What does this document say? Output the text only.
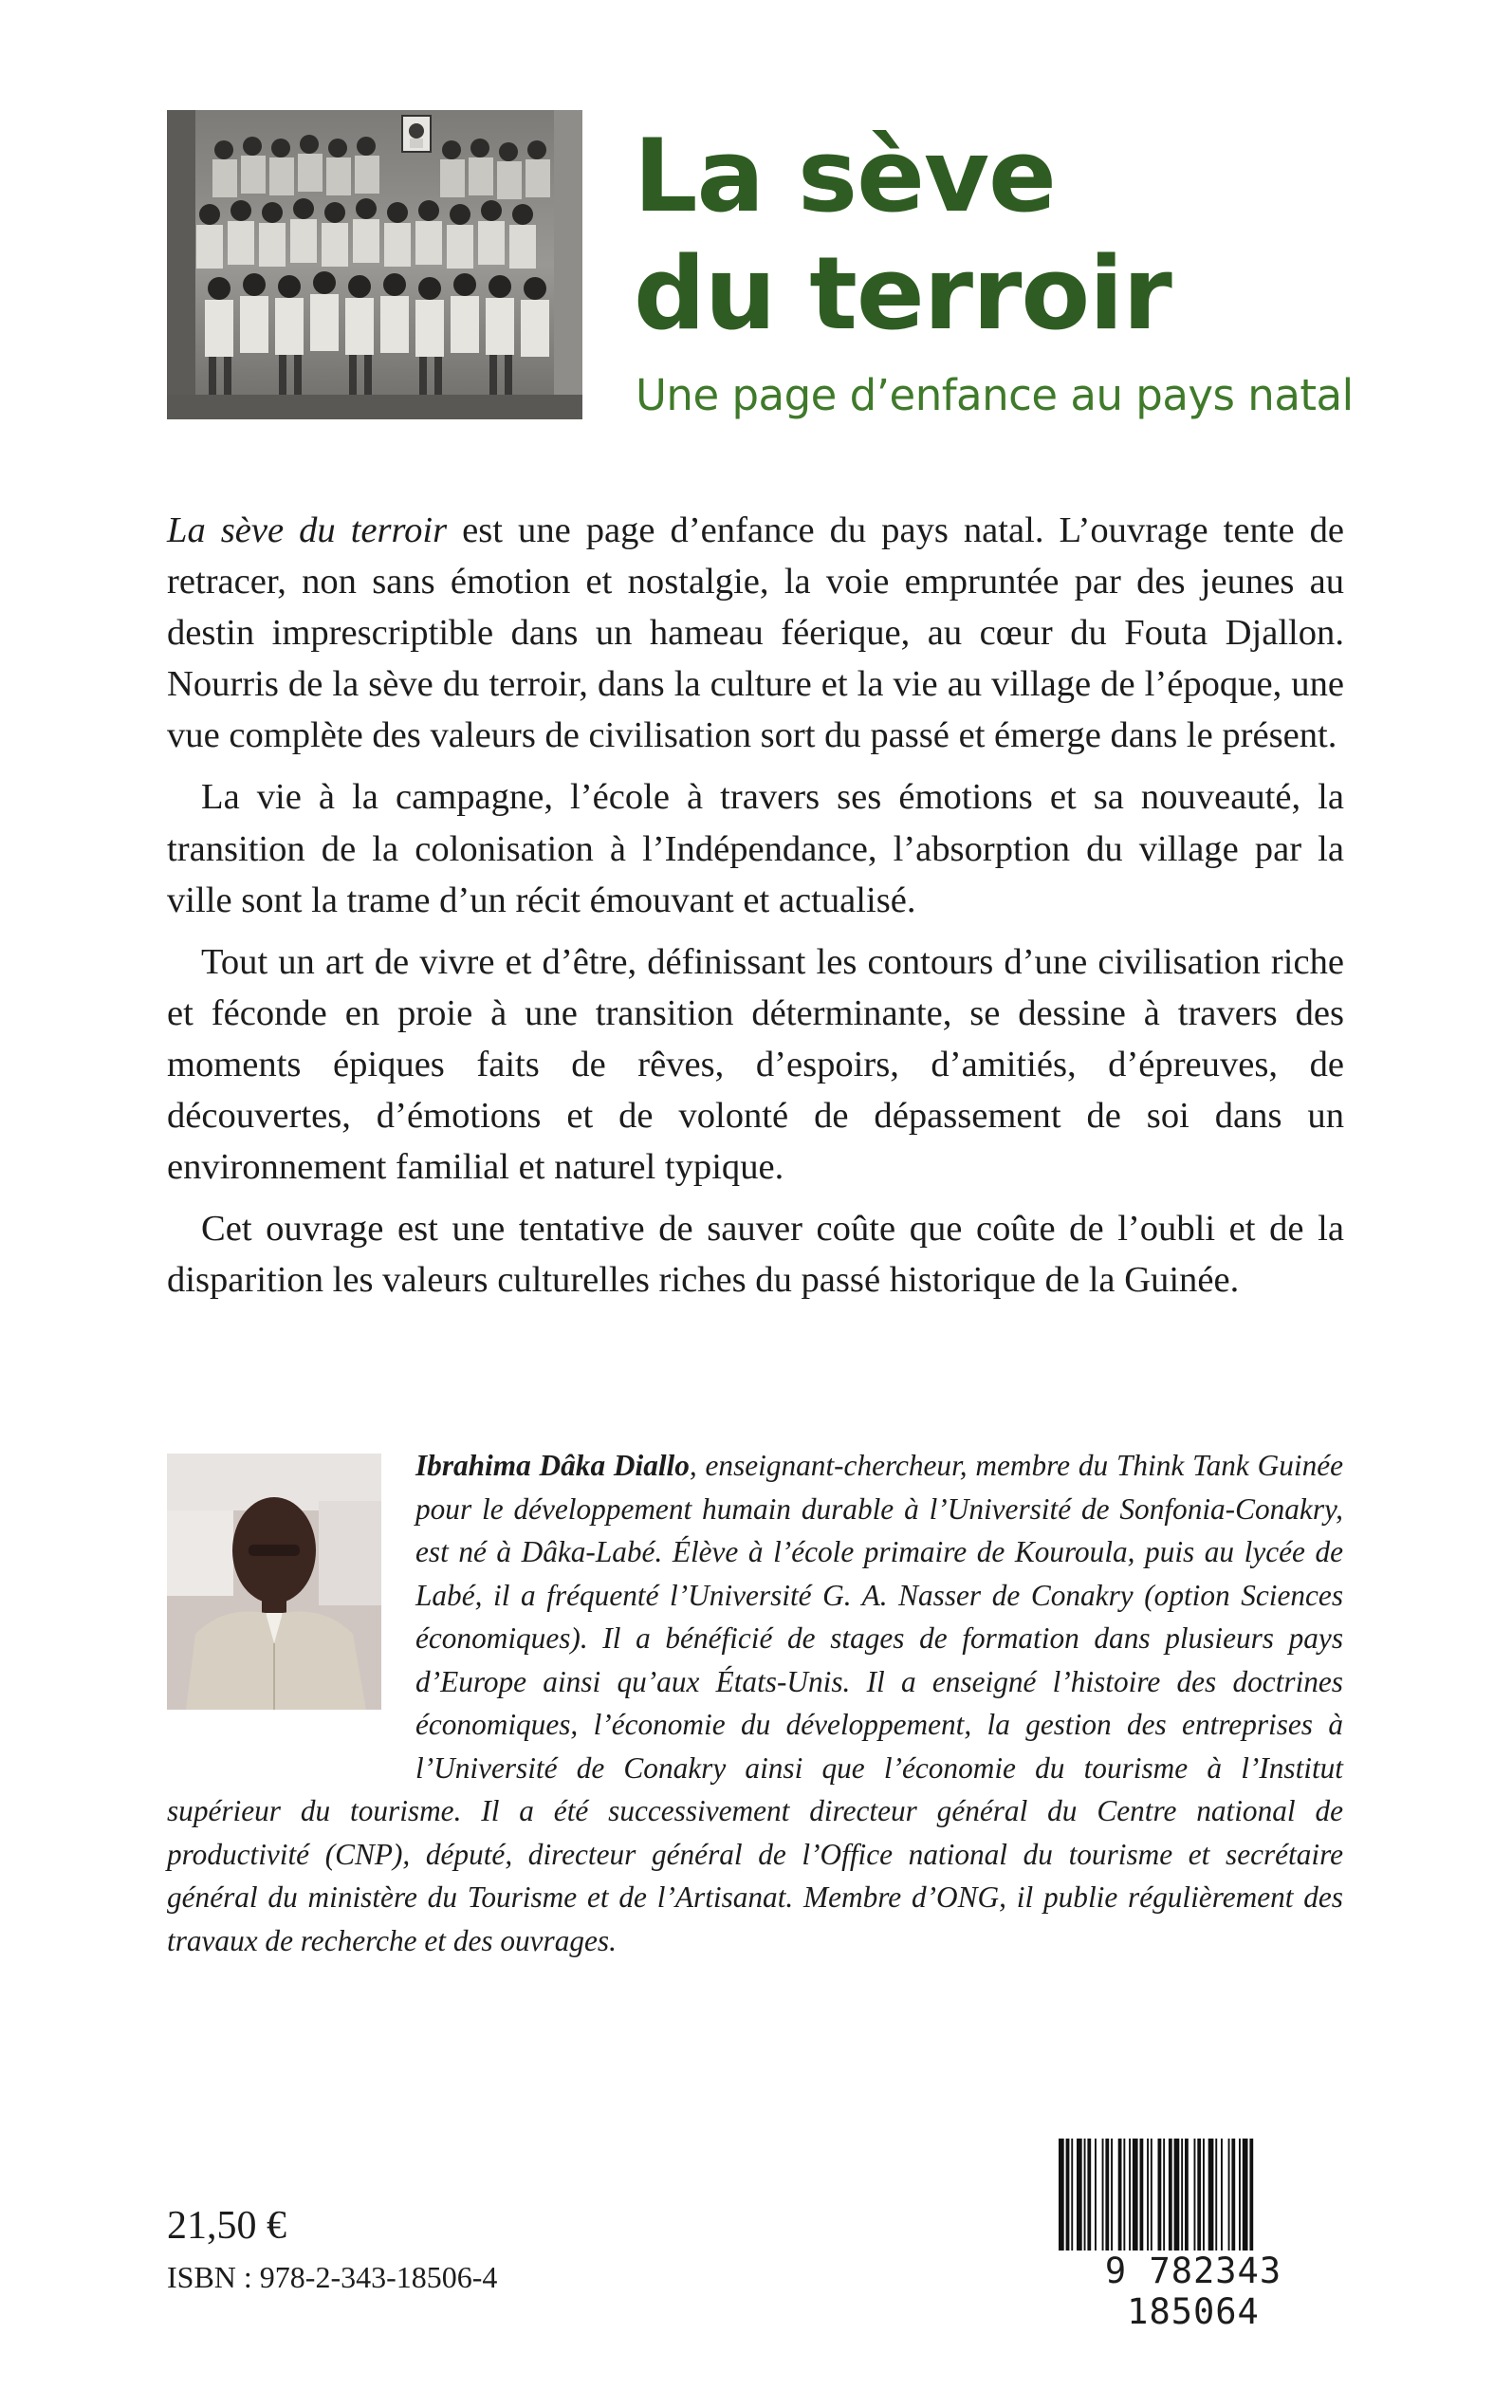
La sève
du terroir

Une page d’enfance au pays natal

La sève du terroir est une page d’enfance du pays natal. L’ouvrage tente de retracer, non sans émotion et nostalgie, la voie empruntée par des jeunes au destin imprescriptible dans un hameau féerique, au cœur du Fouta Djallon. Nourris de la sève du terroir, dans la culture et la vie au village de l’époque, une vue complète des valeurs de civilisation sort du passé et émerge dans le présent.

La vie à la campagne, l’école à travers ses émotions et sa nouveauté, la transition de la colonisation à l’Indépendance, l’absorption du village par la ville sont la trame d’un récit émouvant et actualisé.

Tout un art de vivre et d’être, définissant les contours d’une civilisation riche et féconde en proie à une transition déterminante, se dessine à travers des moments épiques faits de rêves, d’espoirs, d’amitiés, d’épreuves, de découvertes, d’émotions et de volonté de dépassement de soi dans un environnement familial et naturel typique.

Cet ouvrage est une tentative de sauver coûte que coûte de l’oubli et de la disparition les valeurs culturelles riches du passé historique de la Guinée.

Ibrahima Dâka Diallo, enseignant-chercheur, membre du Think Tank Guinée pour le développement humain durable à l’Université de Sonfonia-Conakry, est né à Dâka-Labé. Élève à l’école primaire de Kouroula, puis au lycée de Labé, il a fréquenté l’Université G. A. Nasser de Conakry (option Sciences économiques). Il a bénéficié de stages de formation dans plusieurs pays d’Europe ainsi qu’aux États-Unis. Il a enseigné l’histoire des doctrines économiques, l’économie du développement, la gestion des entreprises à l’Université de Conakry ainsi que l’économie du tourisme à l’Institut supérieur du tourisme. Il a été successivement directeur général du Centre national de productivité (CNP), député, directeur général de l’Office national du tourisme et secrétaire général du ministère du Tourisme et de l’Artisanat. Membre d’ONG, il publie régulièrement des travaux de recherche et des ouvrages.

21,50 €

ISBN : 978-2-343-18506-4	9 782343 185064
